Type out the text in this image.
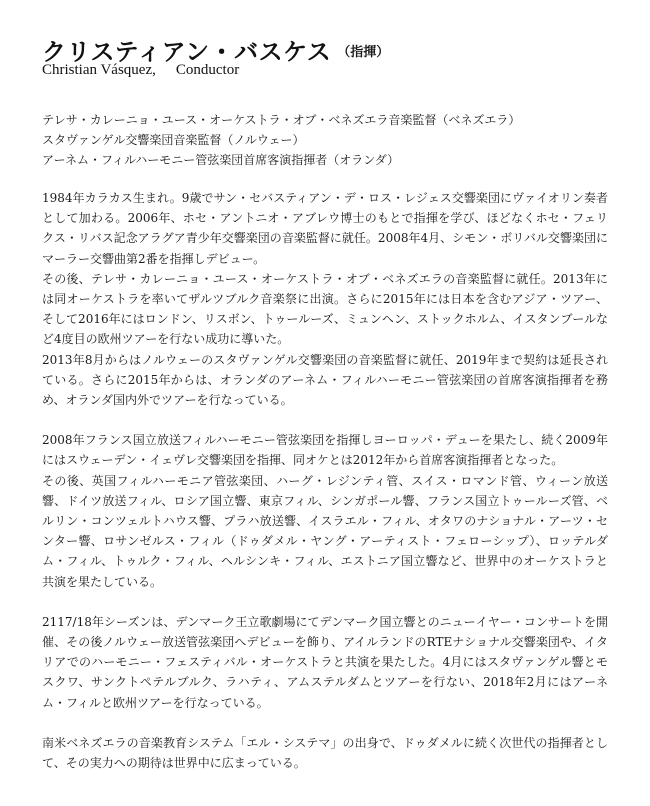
クリスティアン・バスケス $^{(指揮)}$
Christian Vásquez, Conductor
テレサ・カレーニョ・ユース・オーケストラ・オブ・ベネズエラ音楽監督（ベネズエラ）
スタヴァンゲル交響楽団音楽監督（ノルウェー）
アーネム・フィルハーモニー管弦楽団首席客演指揮者（オランダ）

1984年カラカス生まれ。9歳でサン・セバスティアン・デ・ロス・レジェス交響楽団にヴァイオリン奏者として加わる。2006年、ホセ・アントニオ・アブレウ博士のもとで指揮を学び、ほどなくホセ・フェリクス・リバス記念アラグア青少年交響楽団の音楽監督に就任。2008年4月、シモン・ボリバル交響楽団にマーラー交響曲第2番を指揮しデビュー。

その後、テレサ・カレーニョ・ユース・オーケストラ・オブ・ベネズエラの音楽監督に就任。2013年には同オーケストラを率いてザルツブルク音楽祭に出演。さらに2015年には日本を含むアジア・ツアー、そして2016年にはロンドン、リスボン、トゥールーズ、ミュンヘン、ストックホルム、イスタンブールなど4度目の欧州ツアーを行ない成功に導いた。

2013年8月からはノルウェーのスタヴァンゲル交響楽団の音楽監督に就任、2019年まで契約は延長されている。さらに2015年からは、オランダのアーネム・フィルハーモニー管弦楽団の首席客演指揮者を務め、オランダ国内外でツアーを行なっている。

2008年フランス国立放送フィルハーモニー管弦楽団を指揮しヨーロッパ・デューを果たし、続く2009年にはスウェーデン・イェヴレ交響楽団を指揮、同オケとは2012年から首席客演指揮者となった。

その後、英国フィルハーモニア管弦楽団、ハーグ・レジンティ管、スイス・ロマンド管、ウィーン放送響、ドイツ放送フィル、ロシア国立響、東京フィル、シンガポール響、フランス国立トゥールーズ管、ベルリン・コンツェルトハウス響、プラハ放送響、イスラエル・フィル、オタワのナショナル・アーツ・センター響、ロサンゼルス・フィル（ドゥダメル・ヤング・アーティスト・フェローシップ）、ロッテルダム・フィル、トゥルク・フィル、ヘルシンキ・フィル、エストニア国立響など、世界中のオーケストラと共演を果たしている。

2117/18年シーズンは、デンマーク王立歌劇場にてデンマーク国立響とのニューイヤー・コンサートを開催、その後ノルウェー放送管弦楽団へデビューを飾り、アイルランドのRTEナショナル交響楽団や、イタリアでのハーモニー・フェスティバル・オーケストラと共演を果たした。4月にはスタヴァンゲル響とモスクワ、サンクトペテルブルク、ラハティ、アムステルダムとツアーを行ない、2018年2月にはアーネム・フィルと欧州ツアーを行なっている。

南米ベネズエラの音楽教育システム「エル・システマ」の出身で、ドゥダメルに続く次世代の指揮者として、その実力への期待は世界中に広まっている。
